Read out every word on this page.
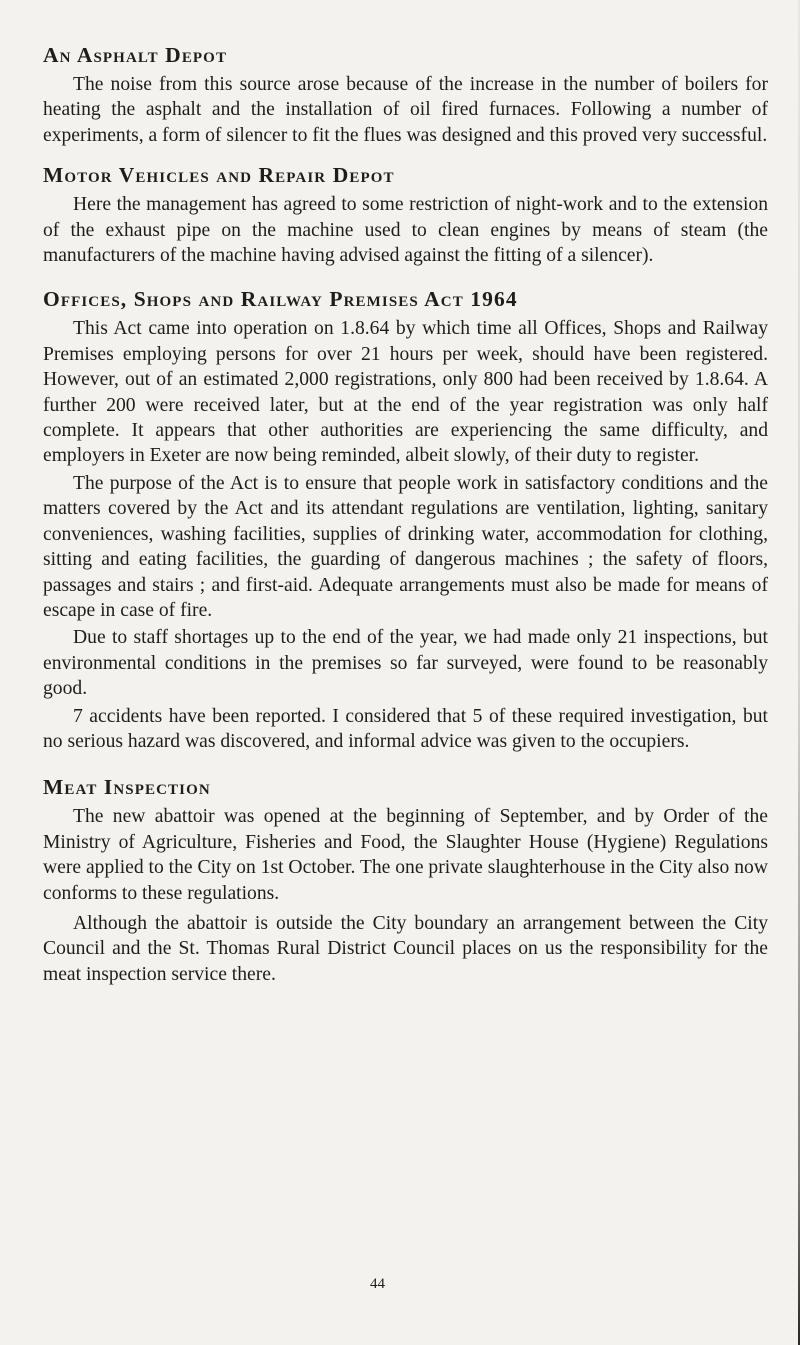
An Asphalt Depot

The noise from this source arose because of the increase in the number of boilers for heating the asphalt and the installation of oil fired furnaces. Following a number of experiments, a form of silencer to fit the flues was designed and this proved very successful.

Motor Vehicles and Repair Depot

Here the management has agreed to some restriction of night-work and to the extension of the exhaust pipe on the machine used to clean engines by means of steam (the manufacturers of the machine having advised against the fitting of a silencer).

Offices, Shops and Railway Premises Act 1964

This Act came into operation on 1.8.64 by which time all Offices, Shops and Railway Premises employing persons for over 21 hours per week, should have been registered. However, out of an estimated 2,000 registrations, only 800 had been received by 1.8.64. A further 200 were received later, but at the end of the year registration was only half complete. It appears that other authorities are experiencing the same difficulty, and employers in Exeter are now being reminded, albeit slowly, of their duty to register.

The purpose of the Act is to ensure that people work in satisfactory conditions and the matters covered by the Act and its attendant regulations are ventilation, lighting, sanitary conveniences, washing facilities, supplies of drinking water, accommodation for clothing, sitting and eating facilities, the guarding of dangerous machines ; the safety of floors, passages and stairs ; and first-aid. Adequate arrangements must also be made for means of escape in case of fire.

Due to staff shortages up to the end of the year, we had made only 21 inspections, but environmental conditions in the premises so far surveyed, were found to be reasonably good.

7 accidents have been reported. I considered that 5 of these required investigation, but no serious hazard was discovered, and informal advice was given to the occupiers.

Meat Inspection

The new abattoir was opened at the beginning of September, and by Order of the Ministry of Agriculture, Fisheries and Food, the Slaughter House (Hygiene) Regulations were applied to the City on 1st October. The one private slaughterhouse in the City also now conforms to these regulations.

Although the abattoir is outside the City boundary an arrangement between the City Council and the St. Thomas Rural District Council places on us the responsibility for the meat inspection service there.

44
